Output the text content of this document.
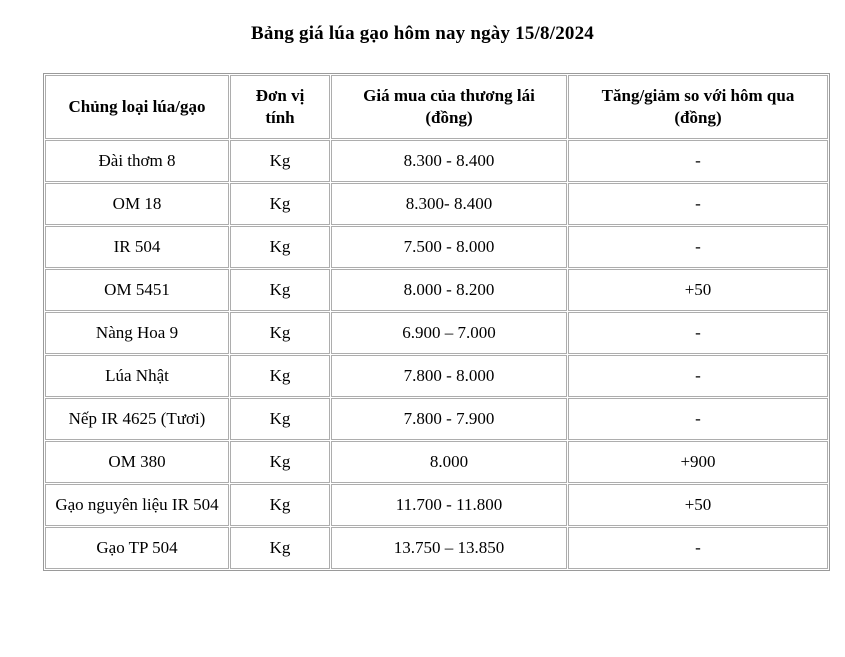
Bảng giá lúa gạo hôm nay ngày 15/8/2024
Chủng loại lúa/gạo	Đơn vị tính	Giá mua của thương lái (đồng)	Tăng/giảm so với hôm qua (đồng)
Đài thơm 8	Kg	8.300 - 8.400	-
OM 18	Kg	8.300- 8.400	-
IR 504	Kg	7.500 - 8.000	-
OM 5451	Kg	8.000 - 8.200	+50
Nàng Hoa 9	Kg	6.900 – 7.000	-
Lúa Nhật	Kg	7.800 - 8.000	-
Nếp IR 4625 (Tươi)	Kg	7.800 - 7.900	-
OM 380	Kg	8.000	+900
Gạo nguyên liệu IR 504	Kg	11.700 - 11.800	+50
Gạo TP 504	Kg	13.750 – 13.850	-
